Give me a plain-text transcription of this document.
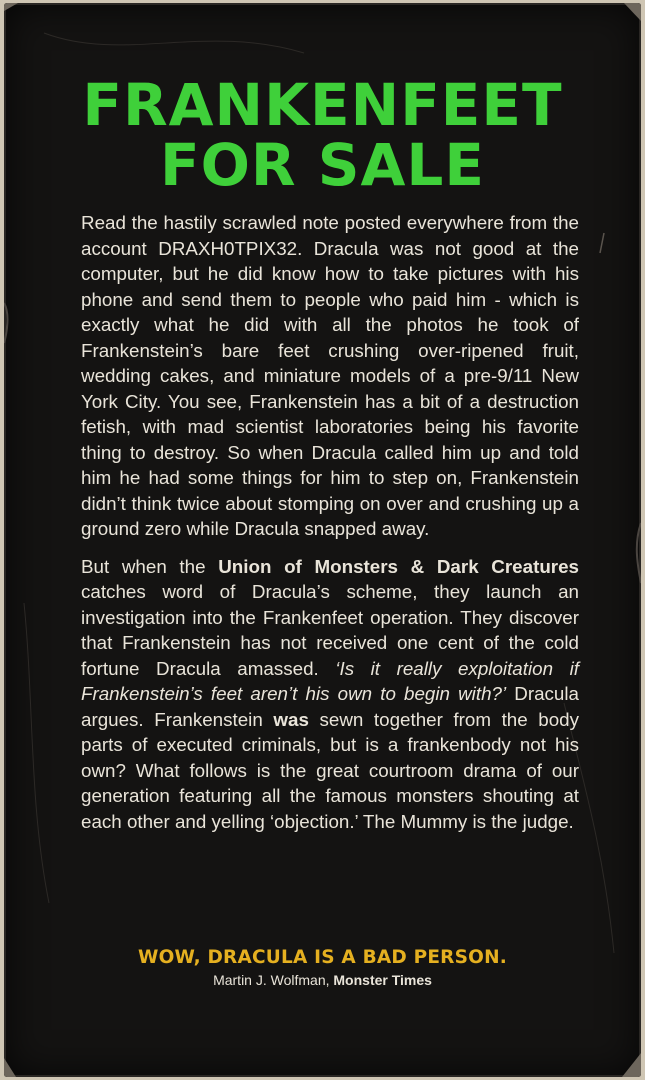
FRANKENFEET
FOR SALE

Read the hastily scrawled note posted everywhere from the account DRAXH0TPIX32. Dracula was not good at the computer, but he did know how to take pictures with his phone and send them to people who paid him - which is exactly what he did with all the photos he took of Frankenstein’s bare feet crushing over-ripened fruit, wedding cakes, and miniature models of a pre-9/11 New York City. You see, Frankenstein has a bit of a destruction fetish, with mad scientist laboratories being his favorite thing to destroy. So when Dracula called him up and told him he had some things for him to step on, Frankenstein didn’t think twice about stomping on over and crushing up a ground zero while Dracula snapped away.

But when the Union of Monsters & Dark Creatures catches word of Dracula’s scheme, they launch an investigation into the Frankenfeet operation. They discover that Frankenstein has not received one cent of the cold fortune Dracula amassed. ‘Is it really exploitation if Frankenstein’s feet aren’t his own to begin with?’ Dracula argues. Frankenstein was sewn together from the body parts of executed criminals, but is a frankenbody not his own? What follows is the great courtroom drama of our generation featuring all the famous monsters shouting at each other and yelling ‘objection.’ The Mummy is the judge.

WOW, DRACULA IS A BAD PERSON.
Martin J. Wolfman, Monster Times
